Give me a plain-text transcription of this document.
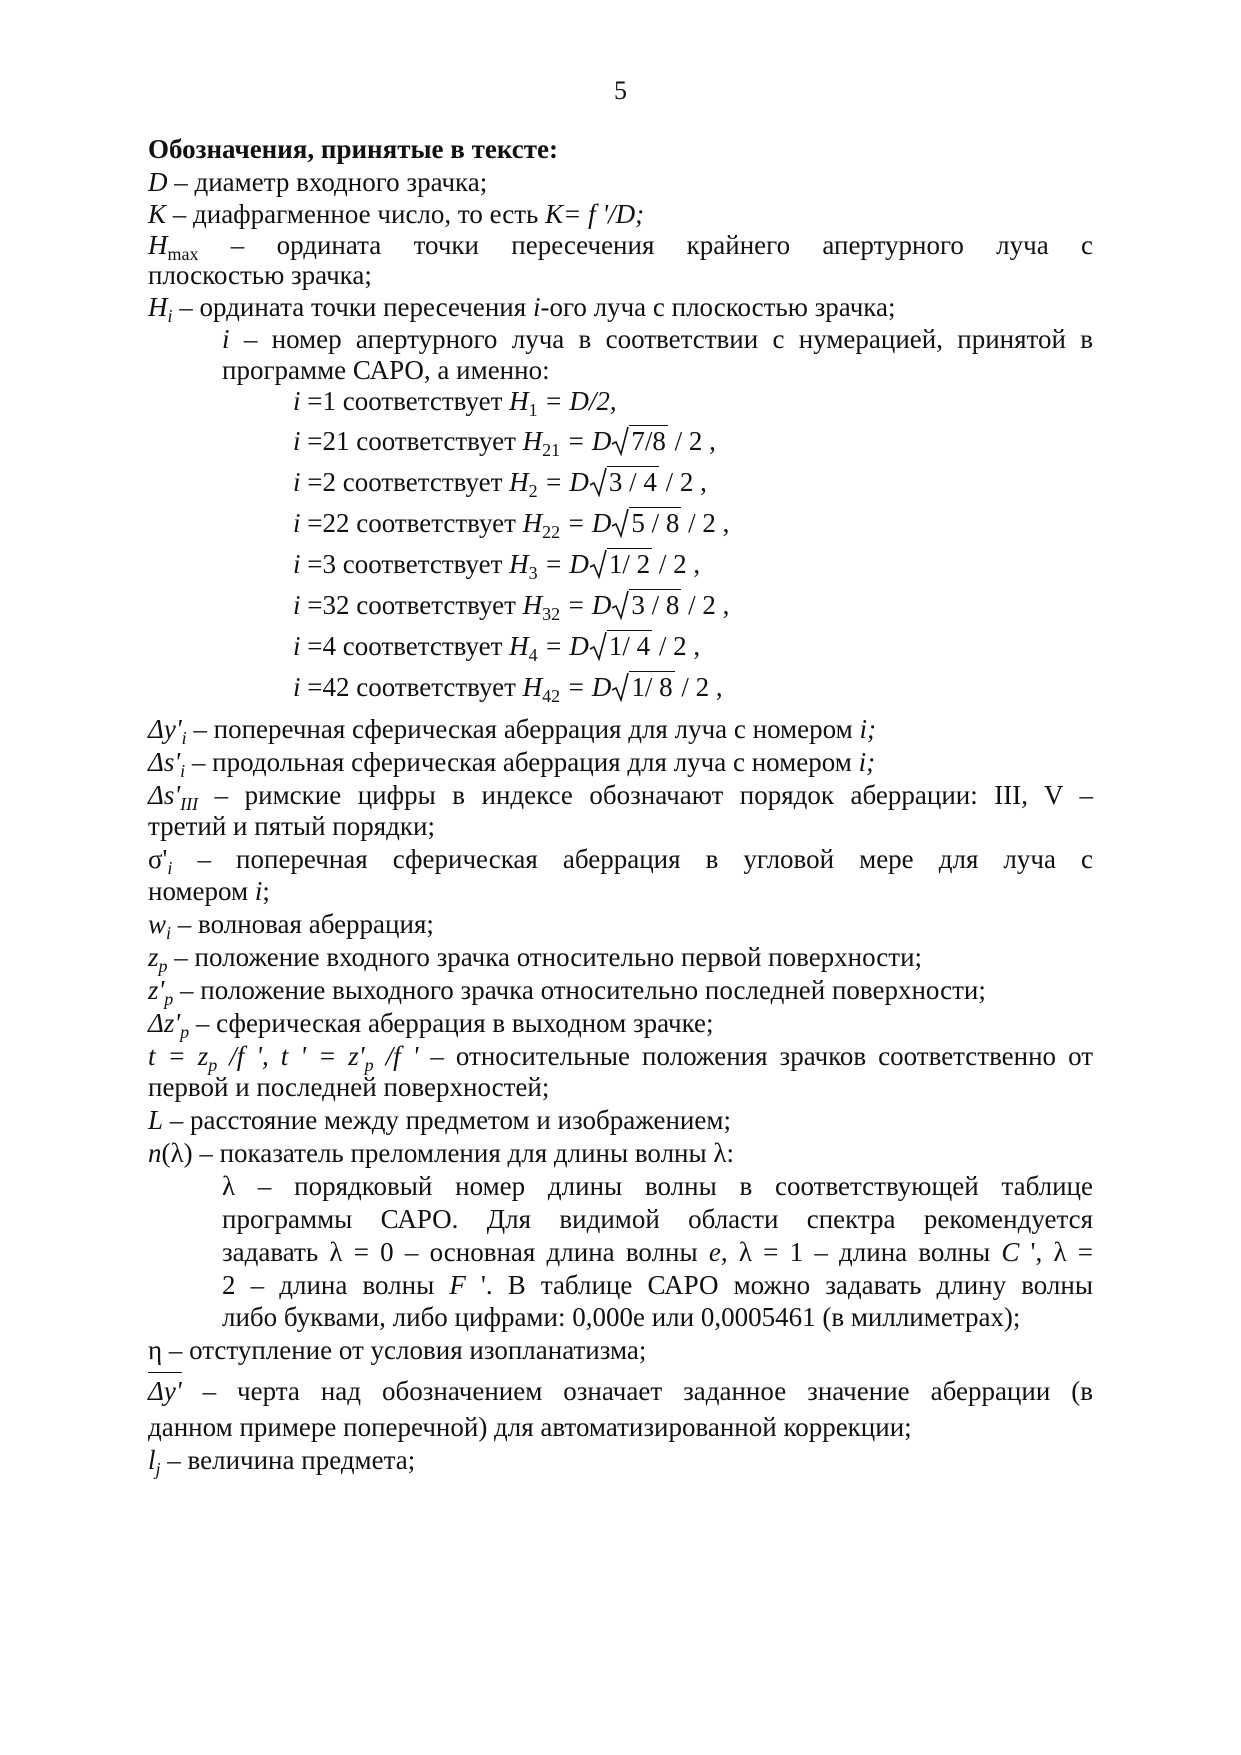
5
Обозначения, принятые в тексте:
D – диаметр входного зрачка;
K – диафрагменное число, то есть K= f '/D;
$H_{max}$ – ордината точки пересечения крайнего апертурного луча с
плоскостью зрачка;
$H_i$ – ордината точки пересечения i-ого луча с плоскостью зрачка;
i – номер апертурного луча в соответствии с нумерацией, принятой в
программе САРО, а именно:
i =1 соответствует $H_1 = D/2$,
i =21 соответствует $H_{21} = D$ 7/8 / 2 ,
i =2 соответствует $H_2 = D$ 3 / 4 / 2 ,
i =22 соответствует $H_{22} = D$ 5 / 8 / 2 ,
i =3 соответствует $H_3 = D$ 1/ 2 / 2 ,
i =32 соответствует $H_{32} = D$ 3 / 8 / 2 ,
i =4 соответствует $H_4 = D$ 1/ 4 / 2 ,
i =42 соответствует $H_{42} = D$ 1/ 8 / 2 ,
$\Delta y'_i$ – поперечная сферическая аберрация для луча с номером i;
$\Delta s'_i$ – продольная сферическая аберрация для луча с номером i;
$\Delta s'_{III}$ – римские цифры в индексе обозначают порядок аберрации: III, V –
третий и пятый порядки;
$\sigma'_i$ – поперечная сферическая аберрация в угловой мере для луча с
номером i;
$w_i$ – волновая аберрация;
$z_p$ – положение входного зрачка относительно первой поверхности;
$z'_p$ – положение выходного зрачка относительно последней поверхности;
$\Delta z'_p$ – сферическая аберрация в выходном зрачке;
$t = z_p$ /f ', t ' = $z'_p$ /f ' – относительные положения зрачков соответственно от
первой и последней поверхностей;
L – расстояние между предметом и изображением;
n(λ) – показатель преломления для длины волны λ:
λ – порядковый номер длины волны в соответствующей таблице
программы САРО. Для видимой области спектра рекомендуется
задавать λ = 0 – основная длина волны e, λ = 1 – длина волны C ', λ =
2 – длина волны F '. В таблице САРО можно задавать длину волны
либо буквами, либо цифрами: 0,000e или 0,0005461 (в миллиметрах);
η – отступление от условия изопланатизма;
Δy' – черта над обозначением означает заданное значение аберрации (в
данном примере поперечной) для автоматизированной коррекции;
$l_j$ – величина предмета;
